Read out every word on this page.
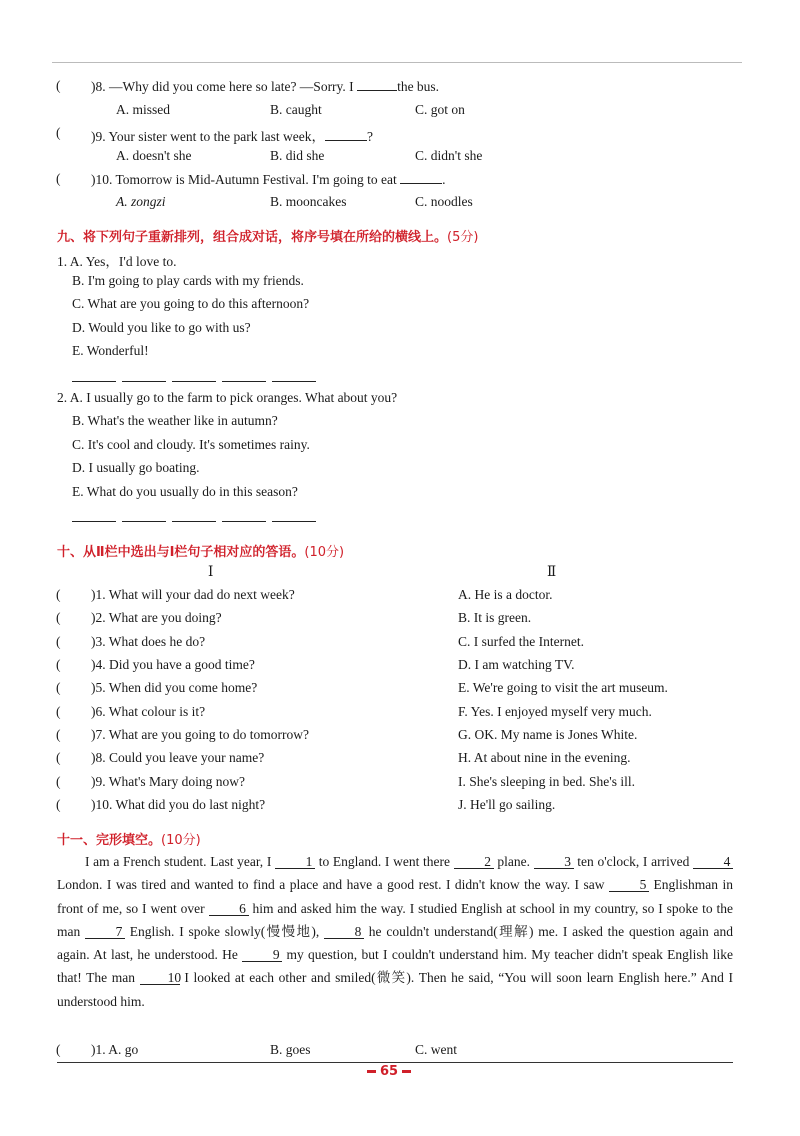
( )8. —Why did you come here so late? —Sorry. I	the bus.
A. missed	B. caught	C. got on
( )9. Your sister went to the park last week，	?
A. doesn't she	B. did she	C. didn't she
( )10. Tomorrow is Mid-Autumn Festival. I'm going to eat	.
A. zongzi	B. mooncakes	C. noodles
九、将下列句子重新排列，组合成对话，将序号填在所给的横线上。(5分)
1. A. Yes，I'd love to.
B. I'm going to play cards with my friends.
C. What are you going to do this afternoon?
D. Would you like to go with us?
E. Wonderful!
2. A. I usually go to the farm to pick oranges. What about you?
B. What's the weather like in autumn?
C. It's cool and cloudy. It's sometimes rainy.
D. I usually go boating.
E. What do you usually do in this season?
十、从Ⅱ栏中选出与Ⅰ栏句子相对应的答语。(10分)
Ⅰ	Ⅱ
( )1. What will your dad do next week?	A. He is a doctor.
( )2. What are you doing?	B. It is green.
( )3. What does he do?	C. I surfed the Internet.
( )4. Did you have a good time?	D. I am watching TV.
( )5. When did you come home?	E. We're going to visit the art museum.
( )6. What colour is it?	F. Yes. I enjoyed myself very much.
( )7. What are you going to do tomorrow?	G. OK. My name is Jones White.
( )8. Could you leave your name?	H. At about nine in the evening.
( )9. What's Mary doing now?	I. She's sleeping in bed. She's ill.
( )10. What did you do last night?	J. He'll go sailing.
十一、完形填空。(10分)
I am a French student. Last year, I 1 to England. I went there 2 plane. 3 ten o'clock, I arrived 4 London. I was tired and wanted to find a place and have a good rest. I didn't know the way. I saw 5 Englishman in front of me, so I went over 6 him and asked him the way. I studied English at school in my country, so I spoke to the man 7 English. I spoke slowly(慢慢地), 8 he couldn't understand(理解) me. I asked the question again and again. At last, he understood. He 9 my question, but I couldn't understand him. My teacher didn't speak English like that! The man 10 I looked at each other and smiled(微笑). Then he said, “You will soon learn English here.” And I understood him.
( )1. A. go	B. goes	C. went
65
